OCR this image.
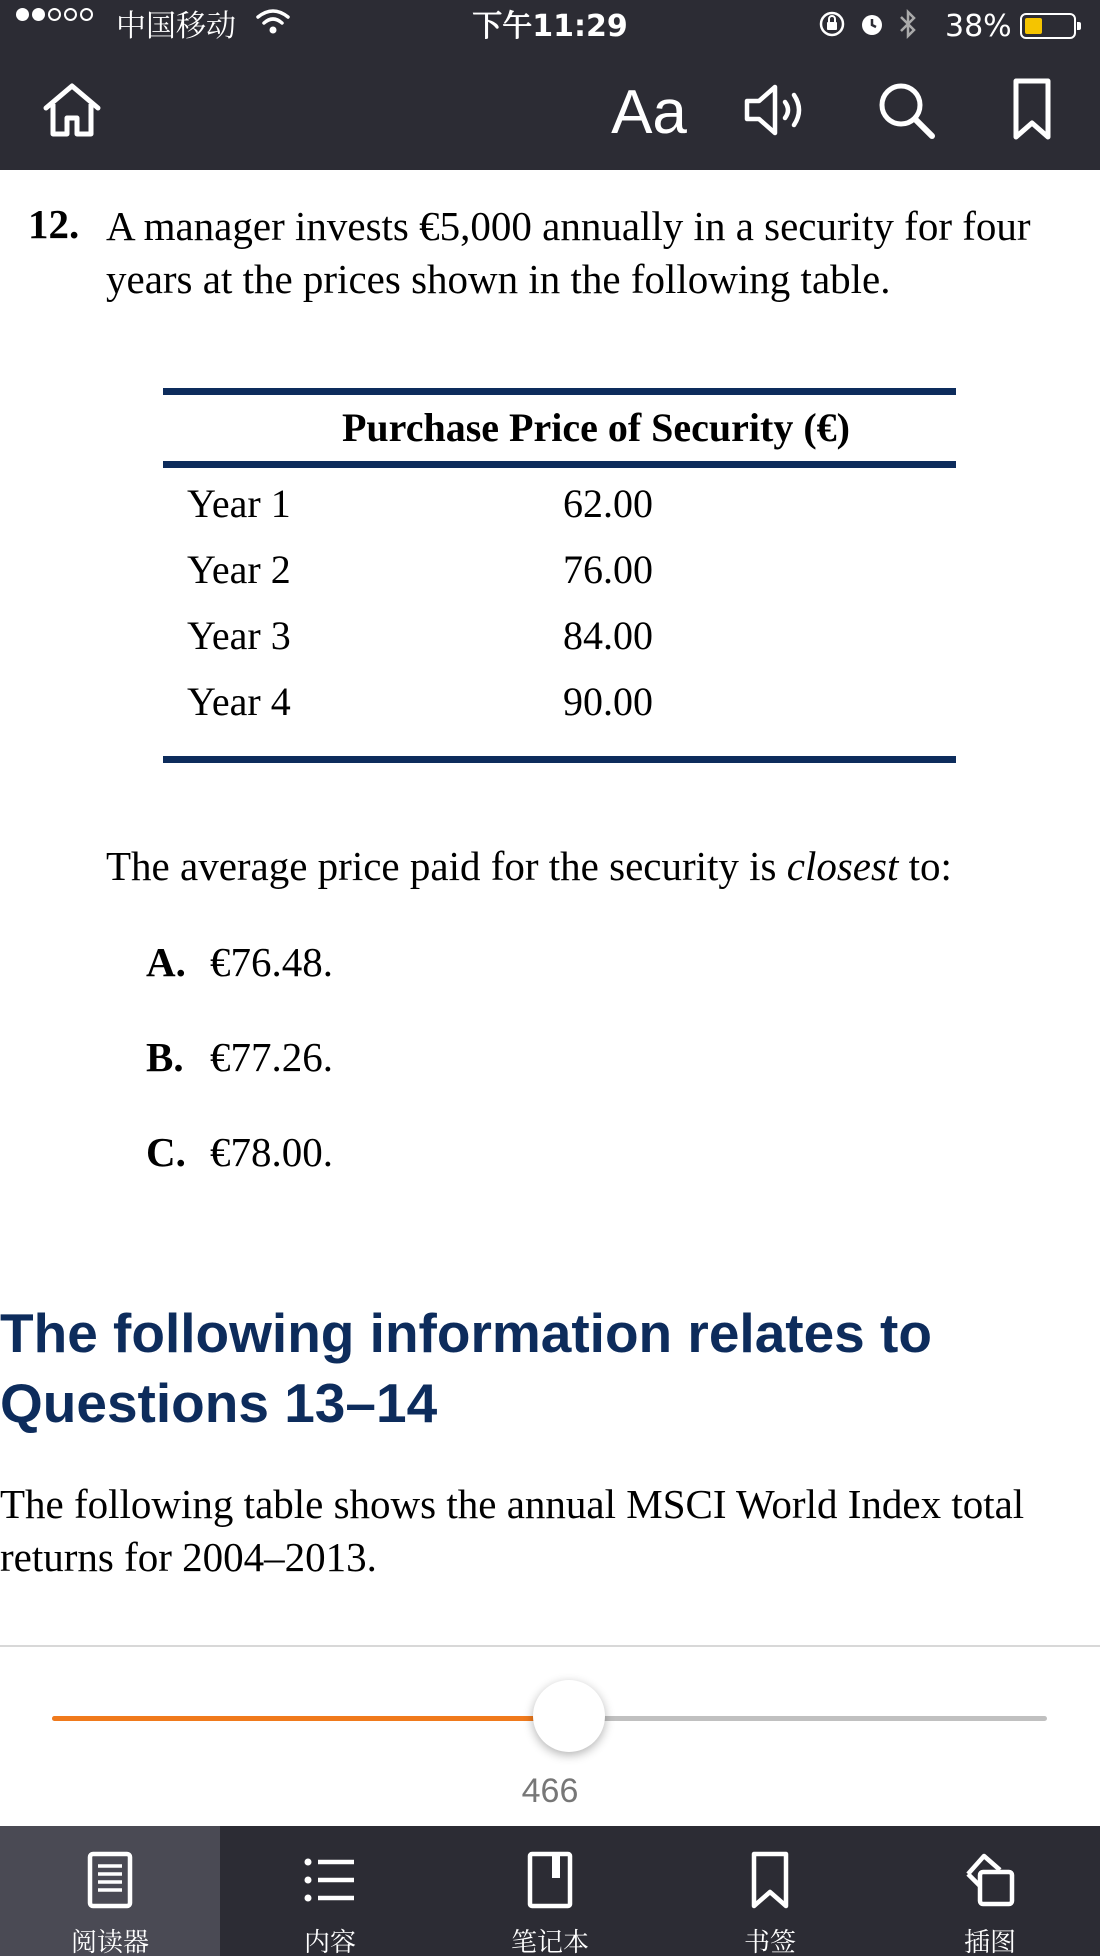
中国移动	下午11:29	38%
Aa
12. A manager invests €5,000 annually in a security for four years at the prices shown in the following table.
Purchase Price of Security (€)
Year 1	62.00
Year 2	76.00
Year 3	84.00
Year 4	90.00
The average price paid for the security is closest to:
A. €76.48.
B. €77.26.
C. €78.00.
The following information relates to Questions 13–14
The following table shows the annual MSCI World Index total returns for 2004–2013.
466
阅读器	内容	笔记本	书签	插图
